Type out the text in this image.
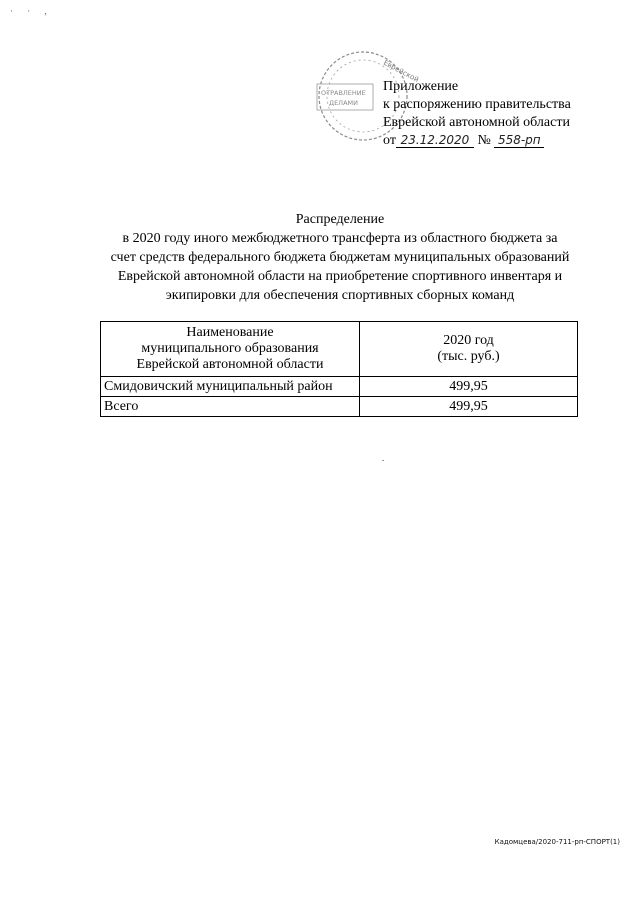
· · ,
Еврейской
ОТРАВЛЕНИЕ
ДЕЛАМИ
Приложение
к распоряжению правительства
Еврейской автономной области
от 23.12.2020 № 558-рп
Распределение
в 2020 году иного межбюджетного трансферта из областного бюджета за
счет средств федерального бюджета бюджетам муниципальных образований
Еврейской автономной области на приобретение спортивного инвентаря и
экипировки для обеспечения спортивных сборных команд
Наименование
муниципального образования
Еврейской автономной области	2020 год
(тыс. руб.)
Смидовичский муниципальный район	499,95
Всего	499,95
Кадомцева/2020-711-рп-СПОРТ(1)
